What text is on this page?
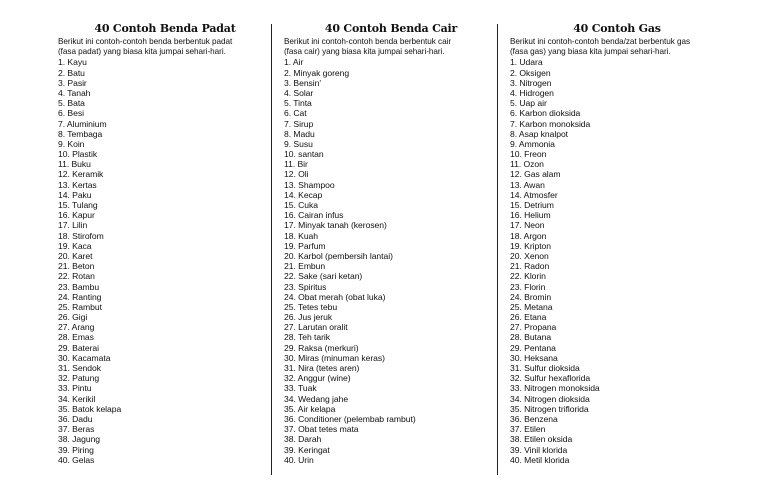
40 Contoh Benda Padat
Berikut ini contoh-contoh benda berbentuk padat
(fasa padat) yang biasa kita jumpai sehari-hari.
1. Kayu
2. Batu
3. Pasir
4. Tanah
5. Bata
6. Besi
7. Aluminium
8. Tembaga
9. Koin
10. Plastik
11. Buku
12. Keramik
13. Kertas
14. Paku
15. Tulang
16. Kapur
17. Lilin
18. Stirofom
19. Kaca
20. Karet
21. Beton
22. Rotan
23. Bambu
24. Ranting
25. Rambut
26. Gigi
27. Arang
28. Emas
29. Baterai
30. Kacamata
31. Sendok
32. Patung
33. Pintu
34. Kerikil
35. Batok kelapa
36. Dadu
37. Beras
38. Jagung
39. Piring
40. Gelas
40 Contoh Benda Cair
Berikut ini contoh-contoh benda berbentuk cair
(fasa cair) yang biasa kita jumpai sehari-hari.
1. Air
2. Minyak goreng
3. Bensin'
4. Solar
5. Tinta
6. Cat
7. Sirup
8. Madu
9. Susu
10. santan
11. Bir
12. Oli
13. Shampoo
14. Kecap
15. Cuka
16. Cairan infus
17. Minyak tanah (kerosen)
18. Kuah
19. Parfum
20. Karbol (pembersih lantai)
21. Embun
22. Sake (sari ketan)
23. Spiritus
24. Obat merah (obat luka)
25. Tetes tebu
26. Jus jeruk
27. Larutan oralit
28. Teh tarik
29. Raksa (merkuri)
30. Miras (minuman keras)
31. Nira (tetes aren)
32. Anggur (wine)
33. Tuak
34. Wedang jahe
35. Air kelapa
36. Conditioner (pelembab rambut)
37. Obat tetes mata
38. Darah
39. Keringat
40. Urin
40 Contoh Gas
Berikut ini contoh-contoh benda/zat berbentuk gas
(fasa gas) yang biasa kita jumpai sehari-hari.
1. Udara
2. Oksigen
3. Nitrogen
4. Hidrogen
5. Uap air
6. Karbon dioksida
7. Karbon monoksida
8. Asap knalpot
9. Ammonia
10. Freon
11. Ozon
12. Gas alam
13. Awan
14. Atmosfer
15. Detrium
16. Helium
17. Neon
18. Argon
19. Kripton
20. Xenon
21. Radon
22. Klorin
23. Florin
24. Bromin
25. Metana
26. Etana
27. Propana
28. Butana
29. Pentana
30. Heksana
31. Sulfur dioksida
32. Sulfur hexaflorida
33. Nitrogen monoksida
34. Nitrogen dioksida
35. Nitrogen triflorida
36. Benzena
37. Etilen
38. Etilen oksida
39. Vinil klorida
40. Metil klorida
